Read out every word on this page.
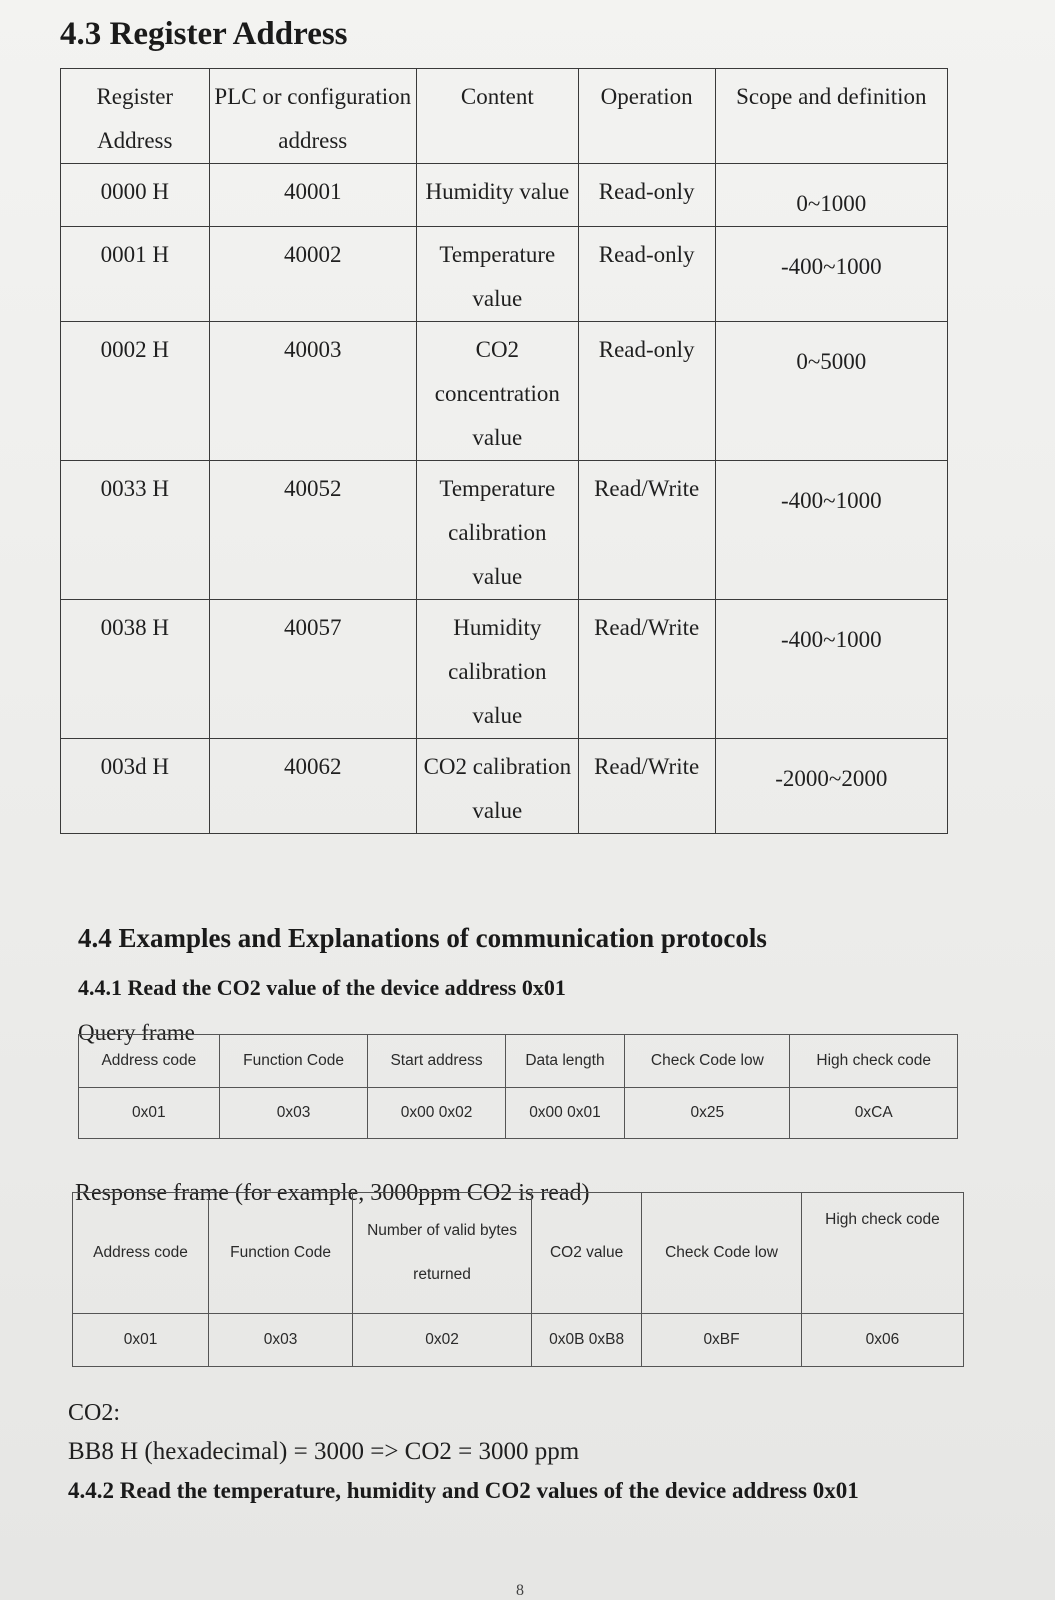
4.3 Register Address
Register Address	PLC or configuration address	Content	Operation	Scope and definition
0000 H	40001	Humidity value	Read-only	0~1000
0001 H	40002	Temperature value	Read-only	-400~1000
0002 H	40003	CO2 concentration value	Read-only	0~5000
0033 H	40052	Temperature calibration value	Read/Write	-400~1000
0038 H	40057	Humidity calibration value	Read/Write	-400~1000
003d H	40062	CO2 calibration value	Read/Write	-2000~2000
4.4 Examples and Explanations of communication protocols
4.4.1 Read the CO2 value of the device address 0x01

Query frame

Address code	Function Code	Start address	Data length	Check Code low	High check code
0x01	0x03	0x00 0x02	0x00 0x01	0x25	0xCA

Response frame (for example, 3000ppm CO2 is read)

Address code	Function Code	Number of valid bytes returned	CO2 value	Check Code low	High check code
0x01	0x03	0x02	0x0B 0xB8	0xBF	0x06

CO2:

BB8 H (hexadecimal) = 3000 => CO2 = 3000 ppm

4.4.2 Read the temperature, humidity and CO2 values of the device address 0x01
8
